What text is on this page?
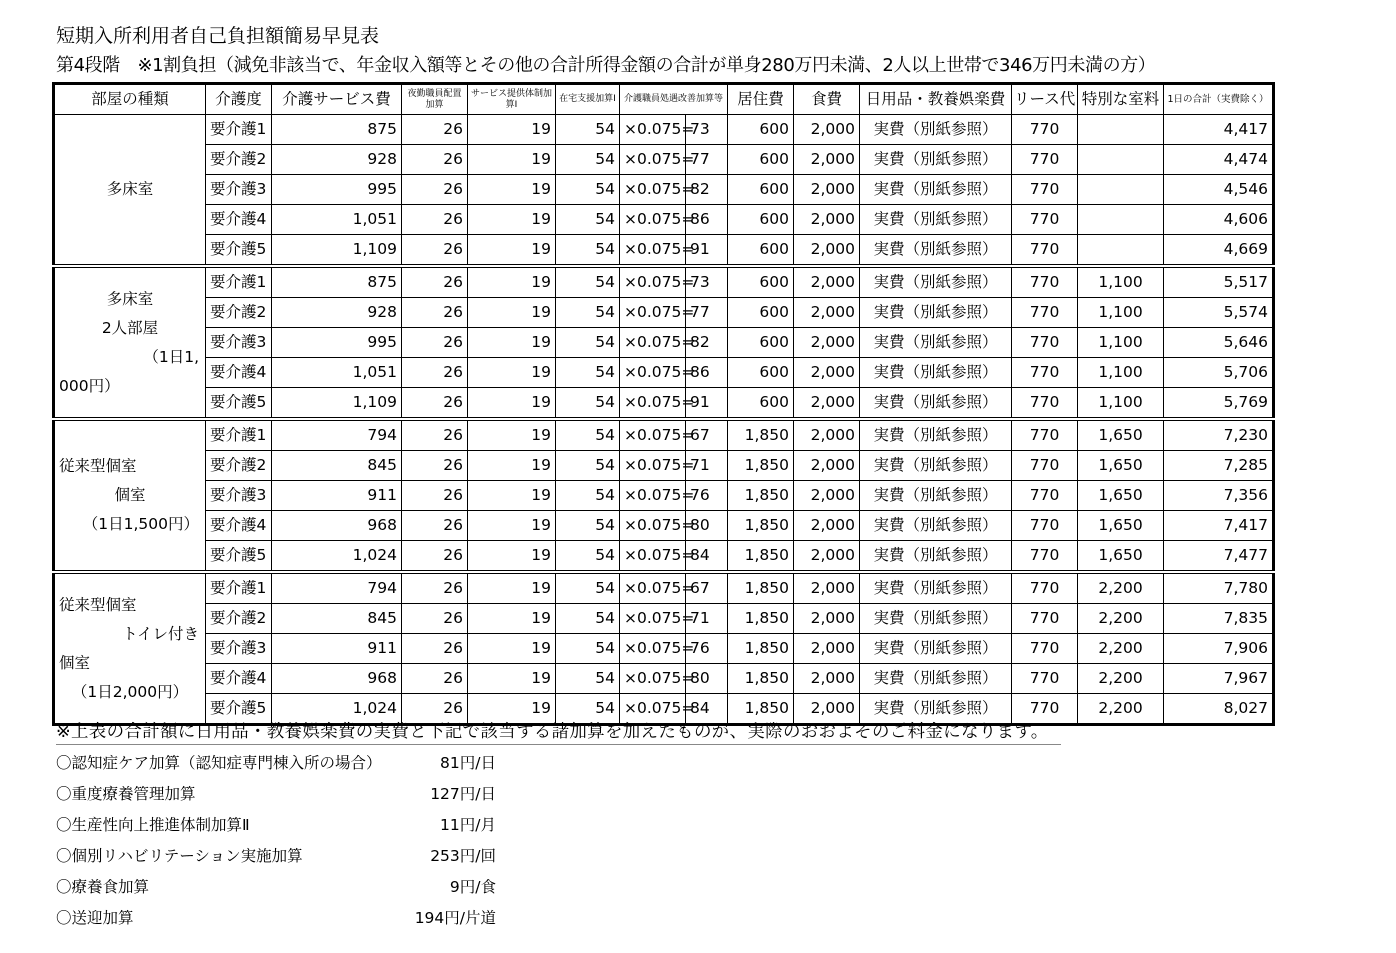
短期入所利用者自己負担額簡易早見表
第4段階　※1割負担（減免非該当で、年金収入額等とその他の合計所得金額の合計が単身280万円未満、2人以上世帯で346万円未満の方）
部屋の種類	介護度	介護サービス費	夜勤職員配置加算	サービス提供体制加算Ⅰ	在宅支援加算Ⅰ	介護職員処遇改善加算等		居住費	食費	日用品・教養娯楽費	リース代	特別な室料	1日の合計（実費除く）

多床室	要介護1	875	26	19	54	×0.075=	73	600	2,000	実費（別紙参照）	770		4,417
	要介護2	928	26	19	54	×0.075=	77	600	2,000	実費（別紙参照）	770		4,474
	要介護3	995	26	19	54	×0.075=	82	600	2,000	実費（別紙参照）	770		4,546
	要介護4	1,051	26	19	54	×0.075=	86	600	2,000	実費（別紙参照）	770		4,606
	要介護5	1,109	26	19	54	×0.075=	91	600	2,000	実費（別紙参照）	770		4,669

多床室
2人部屋
（1日1,
000円）	要介護1	875	26	19	54	×0.075=	73	600	2,000	実費（別紙参照）	770	1,100	5,517
	要介護2	928	26	19	54	×0.075=	77	600	2,000	実費（別紙参照）	770	1,100	5,574
	要介護3	995	26	19	54	×0.075=	82	600	2,000	実費（別紙参照）	770	1,100	5,646
	要介護4	1,051	26	19	54	×0.075=	86	600	2,000	実費（別紙参照）	770	1,100	5,706
	要介護5	1,109	26	19	54	×0.075=	91	600	2,000	実費（別紙参照）	770	1,100	5,769

従来型個室
個室
（1日1,500円）	要介護1	794	26	19	54	×0.075=	67	1,850	2,000	実費（別紙参照）	770	1,650	7,230
	要介護2	845	26	19	54	×0.075=	71	1,850	2,000	実費（別紙参照）	770	1,650	7,285
	要介護3	911	26	19	54	×0.075=	76	1,850	2,000	実費（別紙参照）	770	1,650	7,356
	要介護4	968	26	19	54	×0.075=	80	1,850	2,000	実費（別紙参照）	770	1,650	7,417
	要介護5	1,024	26	19	54	×0.075=	84	1,850	2,000	実費（別紙参照）	770	1,650	7,477

従来型個室
トイレ付き
個室
（1日2,000円）	要介護1	794	26	19	54	×0.075=	67	1,850	2,000	実費（別紙参照）	770	2,200	7,780
	要介護2	845	26	19	54	×0.075=	71	1,850	2,000	実費（別紙参照）	770	2,200	7,835
	要介護3	911	26	19	54	×0.075=	76	1,850	2,000	実費（別紙参照）	770	2,200	7,906
	要介護4	968	26	19	54	×0.075=	80	1,850	2,000	実費（別紙参照）	770	2,200	7,967
	要介護5	1,024	26	19	54	×0.075=	84	1,850	2,000	実費（別紙参照）	770	2,200	8,027
※上表の合計額に日用品・教養娯楽費の実費と下記で該当する諸加算を加えたものが、実際のおおよそのご料金になります。
〇認知症ケア加算（認知症専門棟入所の場合）	81円/日
〇重度療養管理加算	127円/日
〇生産性向上推進体制加算Ⅱ	11円/月
〇個別リハビリテーション実施加算	253円/回
〇療養食加算	9円/食
〇送迎加算	194円/片道
